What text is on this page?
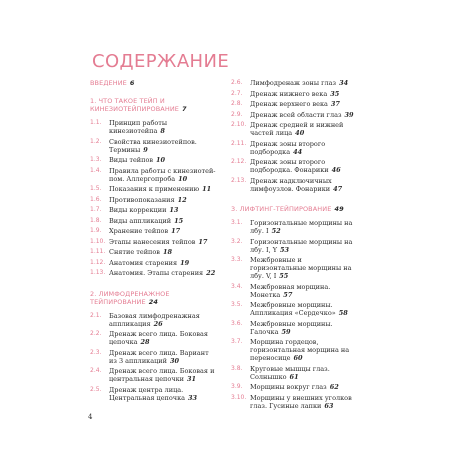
СОДЕРЖАНИЕ
ВВЕДЕНИЕ 6
1. ЧТО ТАКОЕ ТЕЙП И КИНЕЗИОТЕЙПИРОВАНИЕ 7
1.1.	Принцип работы кинезиотейпа 8
1.2.	Свойства кинезиотейпов. Термины 9
1.3.	Виды тейпов 10
1.4.	Правила работы с кинезиотей-пом. Аллергопроба 10
1.5.	Показания к применению 11
1.6.	Противопоказания 12
1.7.	Виды коррекции 13
1.8.	Виды аппликаций 15
1.9.	Хранение тейпов 17
1.10. Этапы нанесения тейпов 17
1.11. Снятие тейпов 18
1.12. Анатомия старения 19
1.13. Анатомия. Этапы старения 22
2. ЛИМФОДРЕНАЖНОЕ ТЕЙПИРОВАНИЕ 24
2.1.	Базовая лимфодренажная аппликация 26
2.2.	Дренаж всего лица. Боковая цепочка 28
2.3.	Дренаж всего лица. Вариант из 3 аппликаций 30
2.4.	Дренаж всего лица. Боковая и центральная цепочки 31
2.5.	Дренаж центра лица. Центральная цепочка 33
2.6.	Лимфодренаж зоны глаз 34
2.7.	Дренаж нижнего века 35
2.8.	Дренаж верхнего века 37
2.9.	Дренаж всей области глаз 39
2.10. Дренаж средней и нижней частей лица 40
2.11. Дренаж зоны второго подбородка 44
2.12. Дренаж зоны второго подбородка. Фонарики 46
2.13. Дренаж надключичных лимфоузлов. Фонарики 47
3. ЛИФТИНГ-ТЕЙПИРОВАНИЕ 49
3.1.	Горизонтальные морщины на лбу. I 52
3.2.	Горизонтальные морщины на лбу. I, Y 53
3.3.	Межбровные и горизонтальные морщины на лбу. V, I 55
3.4.	Межбровная морщина. Монетка 57
3.5.	Межбровные морщины. Аппликация «Сердечко» 58
3.6.	Межбровные морщины. Галочка 59
3.7.	Морщина гордецов, горизонтальная морщина на переносице 60
3.8.	Круговые мышцы глаз. Солнышко 61
3.9.	Морщины вокруг глаз 62
3.10. Морщины у внешних уголков глаз. Гусиные лапки 63
4
